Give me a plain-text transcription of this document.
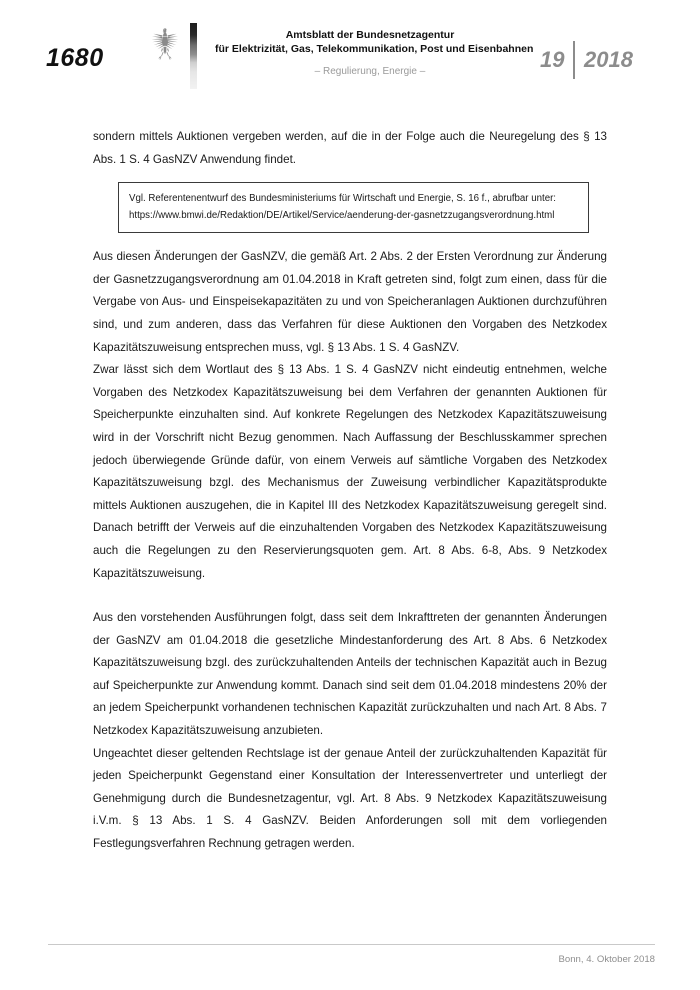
1680
Amtsblatt der Bundesnetzagentur
für Elektrizität, Gas, Telekommunikation, Post und Eisenbahnen
– Regulierung, Energie –	19 2018

sondern mittels Auktionen vergeben werden, auf die in der Folge auch die Neuregelung des § 13 Abs. 1 S. 4 GasNZV Anwendung findet.

Vgl. Referentenentwurf des Bundesministeriums für Wirtschaft und Energie, S. 16 f., abrufbar unter:
https://www.bmwi.de/Redaktion/DE/Artikel/Service/aenderung-der-gasnetzzugangsverordnung.html

Aus diesen Änderungen der GasNZV, die gemäß Art. 2 Abs. 2 der Ersten Verordnung zur Änderung der Gasnetzzugangsverordnung am 01.04.2018 in Kraft getreten sind, folgt zum einen, dass für die Vergabe von Aus- und Einspeisekapazitäten zu und von Speicheranlagen Auktionen durchzuführen sind, und zum anderen, dass das Verfahren für diese Auktionen den Vorgaben des Netzkodex Kapazitätszuweisung entsprechen muss, vgl. § 13 Abs. 1 S. 4 GasNZV.

Zwar lässt sich dem Wortlaut des § 13 Abs. 1 S. 4 GasNZV nicht eindeutig entnehmen, welche Vorgaben des Netzkodex Kapazitätszuweisung bei dem Verfahren der genannten Auktionen für Speicherpunkte einzuhalten sind. Auf konkrete Regelungen des Netzkodex Kapazitätszuweisung wird in der Vorschrift nicht Bezug genommen. Nach Auffassung der Beschlusskammer sprechen jedoch überwiegende Gründe dafür, von einem Verweis auf sämtliche Vorgaben des Netzkodex Kapazitätszuweisung bzgl. des Mechanismus der Zuweisung verbindlicher Kapazitätsprodukte mittels Auktionen auszugehen, die in Kapitel III des Netzkodex Kapazitätszuweisung geregelt sind. Danach betrifft der Verweis auf die einzuhaltenden Vorgaben des Netzkodex Kapazitätszuweisung auch die Regelungen zu den Reservierungsquoten gem. Art. 8 Abs. 6-8, Abs. 9 Netzkodex Kapazitätszuweisung.

Aus den vorstehenden Ausführungen folgt, dass seit dem Inkrafttreten der genannten Änderungen der GasNZV am 01.04.2018 die gesetzliche Mindestanforderung des Art. 8 Abs. 6 Netzkodex Kapazitätszuweisung bzgl. des zurückzuhaltenden Anteils der technischen Kapazität auch in Bezug auf Speicherpunkte zur Anwendung kommt. Danach sind seit dem 01.04.2018 mindestens 20% der an jedem Speicherpunkt vorhandenen technischen Kapazität zurückzuhalten und nach Art. 8 Abs. 7 Netzkodex Kapazitätszuweisung anzubieten.

Ungeachtet dieser geltenden Rechtslage ist der genaue Anteil der zurückzuhaltenden Kapazität für jeden Speicherpunkt Gegenstand einer Konsultation der Interessenvertreter und unterliegt der Genehmigung durch die Bundesnetzagentur, vgl. Art. 8 Abs. 9 Netzkodex Kapazitätszuweisung i.V.m. § 13 Abs. 1 S. 4 GasNZV. Beiden Anforderungen soll mit dem vorliegenden Festlegungsverfahren Rechnung getragen werden.

Bonn, 4. Oktober 2018
